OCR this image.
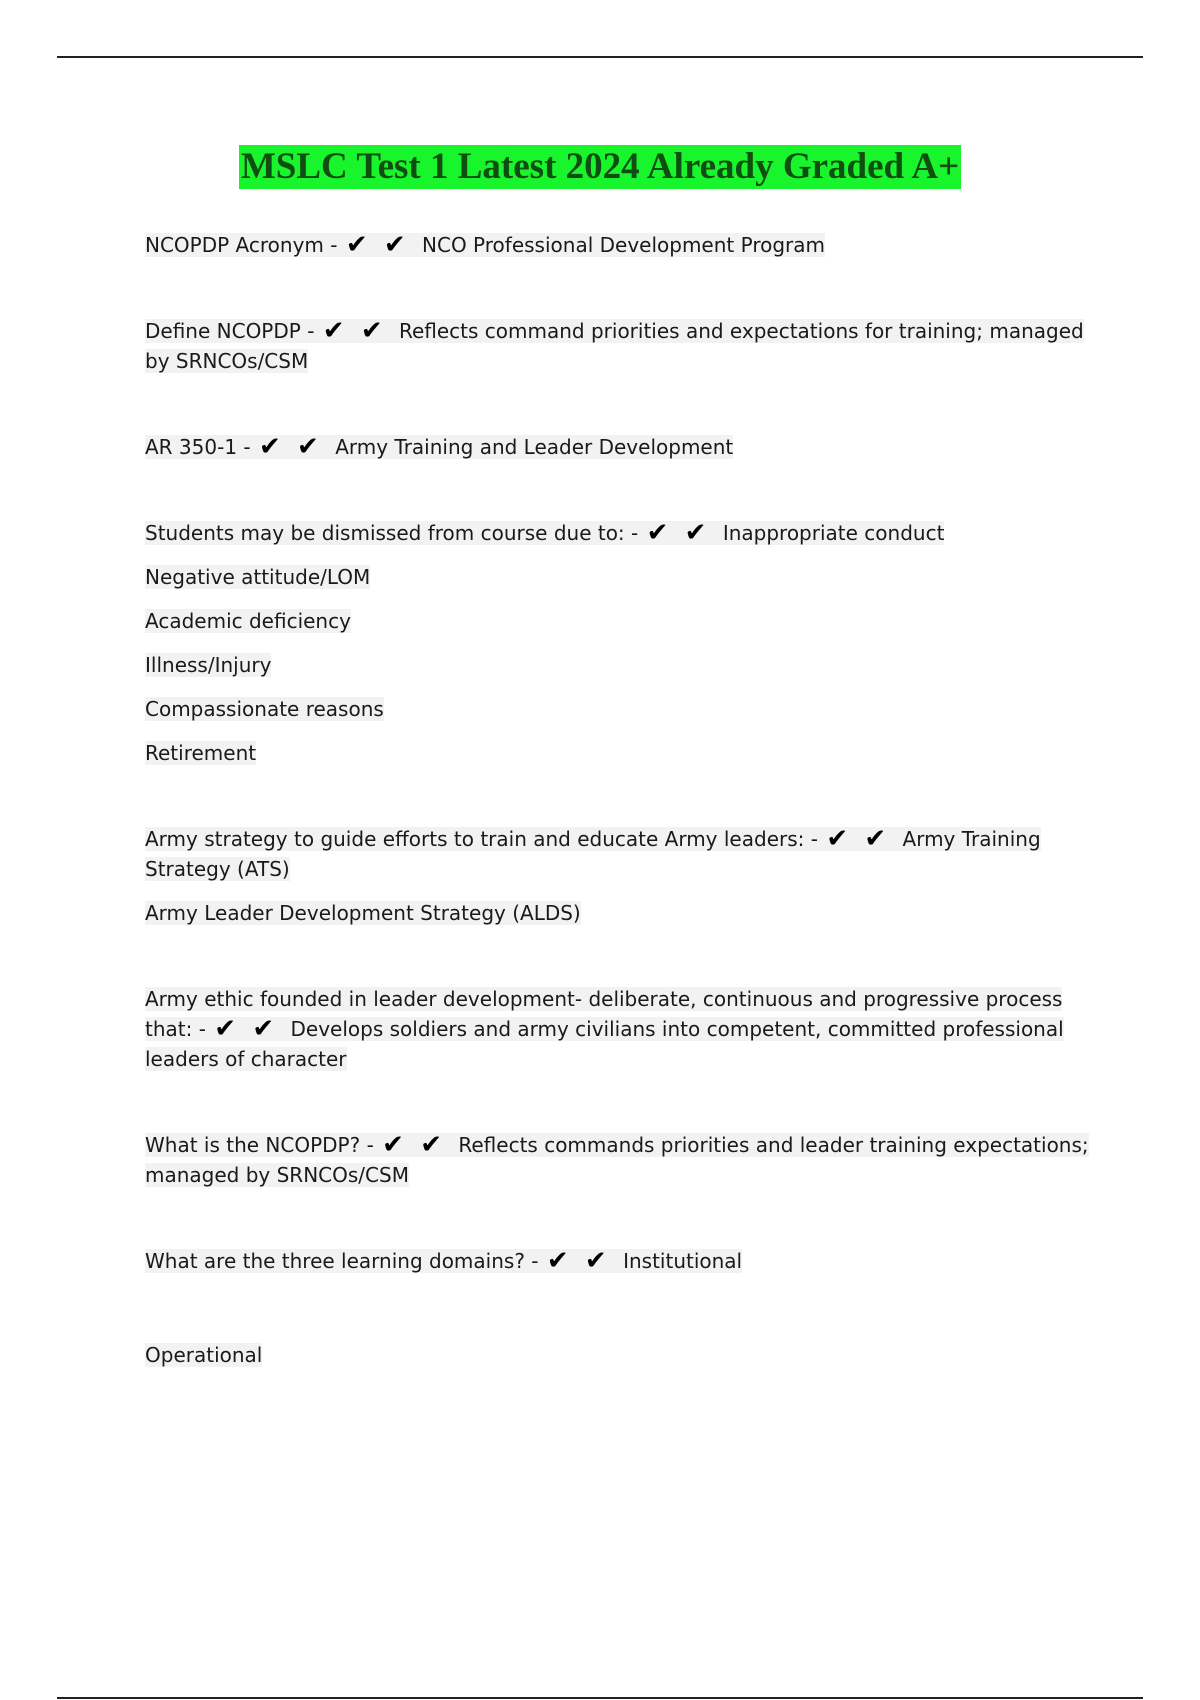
MSLC Test 1 Latest 2024 Already Graded A+

NCOPDP Acronym - ✔ ✔ NCO Professional Development Program

Define NCOPDP - ✔ ✔ Reflects command priorities and expectations for training; managed by SRNCOs/CSM

AR 350-1 - ✔ ✔ Army Training and Leader Development

Students may be dismissed from course due to: - ✔ ✔ Inappropriate conduct

Negative attitude/LOM

Academic deficiency

Illness/Injury

Compassionate reasons

Retirement

Army strategy to guide efforts to train and educate Army leaders: - ✔ ✔ Army Training Strategy (ATS)

Army Leader Development Strategy (ALDS)

Army ethic founded in leader development- deliberate, continuous and progressive process that: - ✔ ✔ Develops soldiers and army civilians into competent, committed professional leaders of character

What is the NCOPDP? - ✔ ✔ Reflects commands priorities and leader training expectations; managed by SRNCOs/CSM

What are the three learning domains? - ✔ ✔ Institutional

Operational
